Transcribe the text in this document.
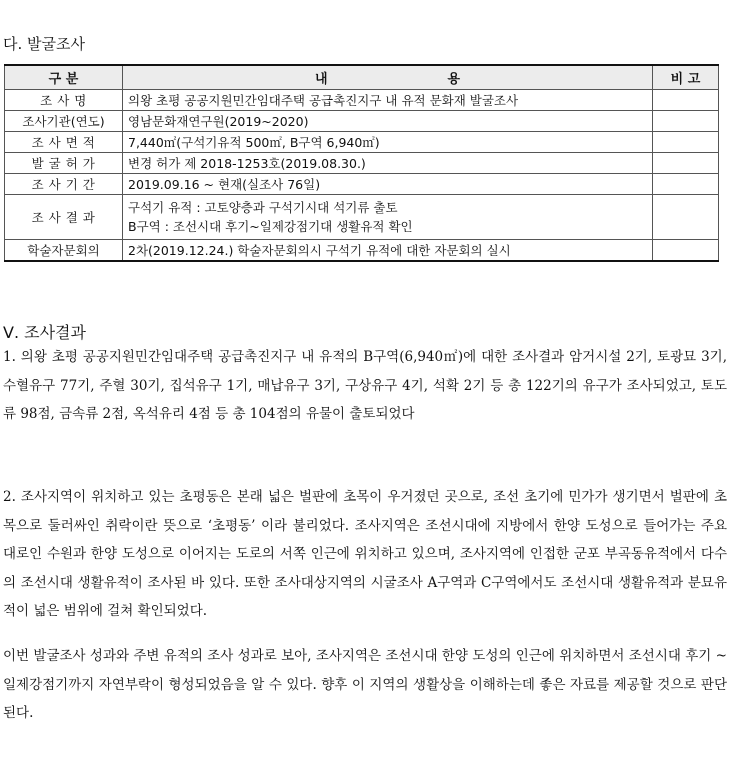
다. 발굴조사
구 분	내 용	비 고
조 사 명	의왕 초평 공공지원민간임대주택 공급촉진지구 내 유적 문화재 발굴조사	
조사기관(연도)	영남문화재연구원(2019~2020)	
조 사 면 적	7,440㎡(구석기유적 500㎡, B구역 6,940㎡)	
발 굴 허 가	변경 허가 제 2018-1253호(2019.08.30.)	
조 사 기 간	2019.09.16 ~ 현재(실조사 76일)	
조 사 결 과	구석기 유적 : 고토양층과 구석기시대 석기류 출토
B구역 : 조선시대 후기~일제강점기대 생활유적 확인	

학술자문회의	2차(2019.12.24.) 학술자문회의시 구석기 유적에 대한 자문회의 실시	
Ⅴ. 조사결과
1. 의왕 초평 공공지원민간임대주택 공급촉진지구 내 유적의 B구역(6,940㎡)에 대한 조사결과 암거시설 2기, 토광묘 3기, 수혈유구 77기, 주혈 30기, 집석유구 1기, 매납유구 3기, 구상유구 4기, 석확 2기 등 총 122기의 유구가 조사되었고, 토도류 98점, 금속류 2점, 옥석유리 4점 등 총 104점의 유물이 출토되었다
2. 조사지역이 위치하고 있는 초평동은 본래 넓은 벌판에 초목이 우거졌던 곳으로, 조선 초기에 민가가 생기면서 벌판에 초목으로 둘러싸인 취락이란 뜻으로 ‘초평동’ 이라 불리었다. 조사지역은 조선시대에 지방에서 한양 도성으로 들어가는 주요 대로인 수원과 한양 도성으로 이어지는 도로의 서쪽 인근에 위치하고 있으며, 조사지역에 인접한 군포 부곡동유적에서 다수의 조선시대 생활유적이 조사된 바 있다. 또한 조사대상지역의 시굴조사 A구역과 C구역에서도 조선시대 생활유적과 분묘유적이 넓은 범위에 걸쳐 확인되었다.
이번 발굴조사 성과와 주변 유적의 조사 성과로 보아, 조사지역은 조선시대 한양 도성의 인근에 위치하면서 조선시대 후기 ~ 일제강점기까지 자연부락이 형성되었음을 알 수 있다. 향후 이 지역의 생활상을 이해하는데 좋은 자료를 제공할 것으로 판단된다.
